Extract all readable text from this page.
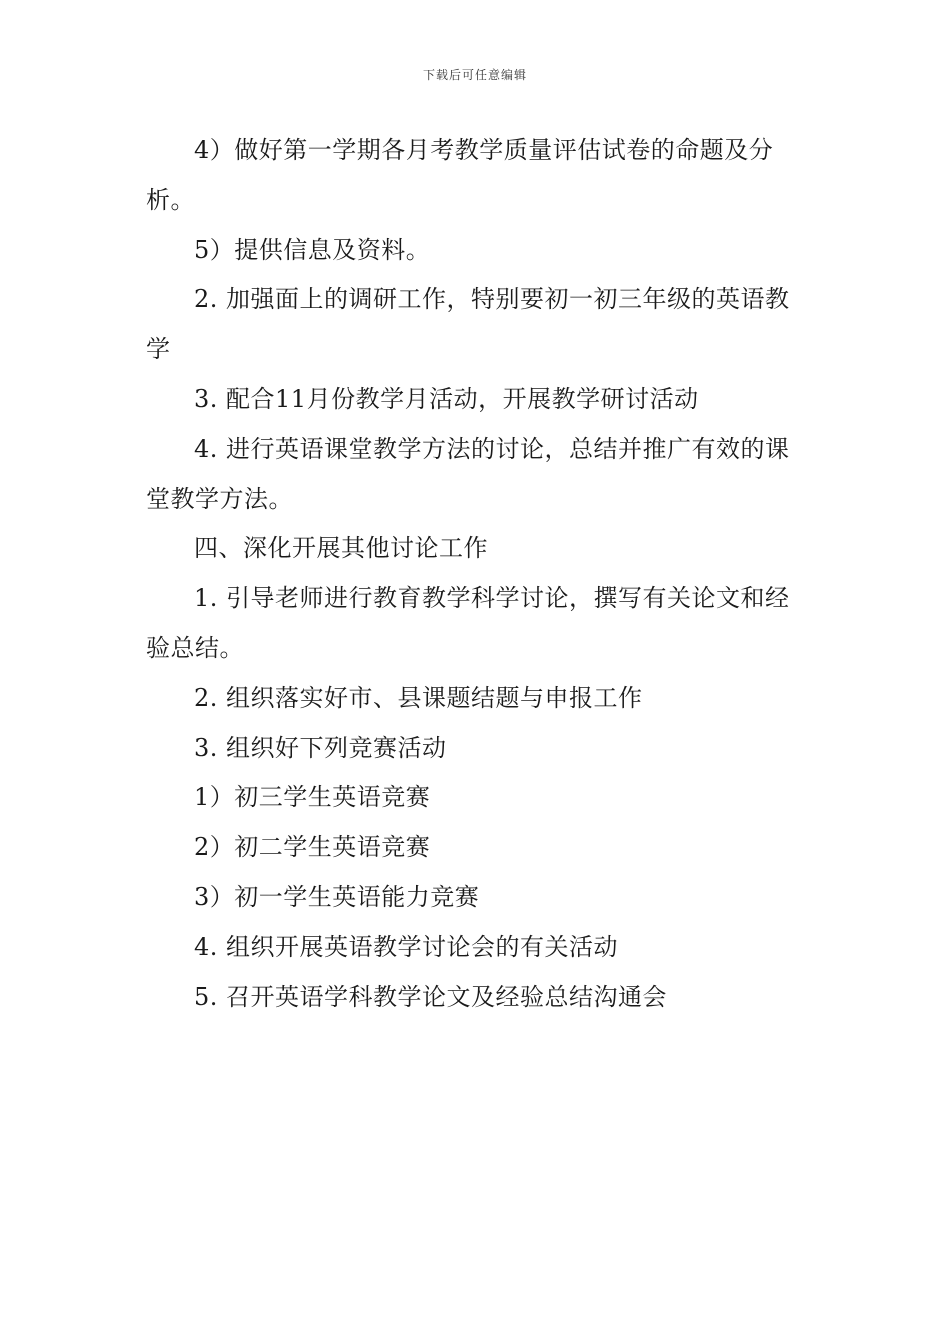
下载后可任意编辑

4）做好第一学期各月考教学质量评估试卷的命题及分析。

5）提供信息及资料。

2. 加强面上的调研工作，特别要初一初三年级的英语教学

3. 配合11月份教学月活动，开展教学研讨活动

4. 进行英语课堂教学方法的讨论，总结并推广有效的课堂教学方法。

四、深化开展其他讨论工作

1. 引导老师进行教育教学科学讨论，撰写有关论文和经验总结。

2. 组织落实好市、县课题结题与申报工作

3. 组织好下列竞赛活动

1）初三学生英语竞赛

2）初二学生英语竞赛

3）初一学生英语能力竞赛

4. 组织开展英语教学讨论会的有关活动

5. 召开英语学科教学论文及经验总结沟通会
